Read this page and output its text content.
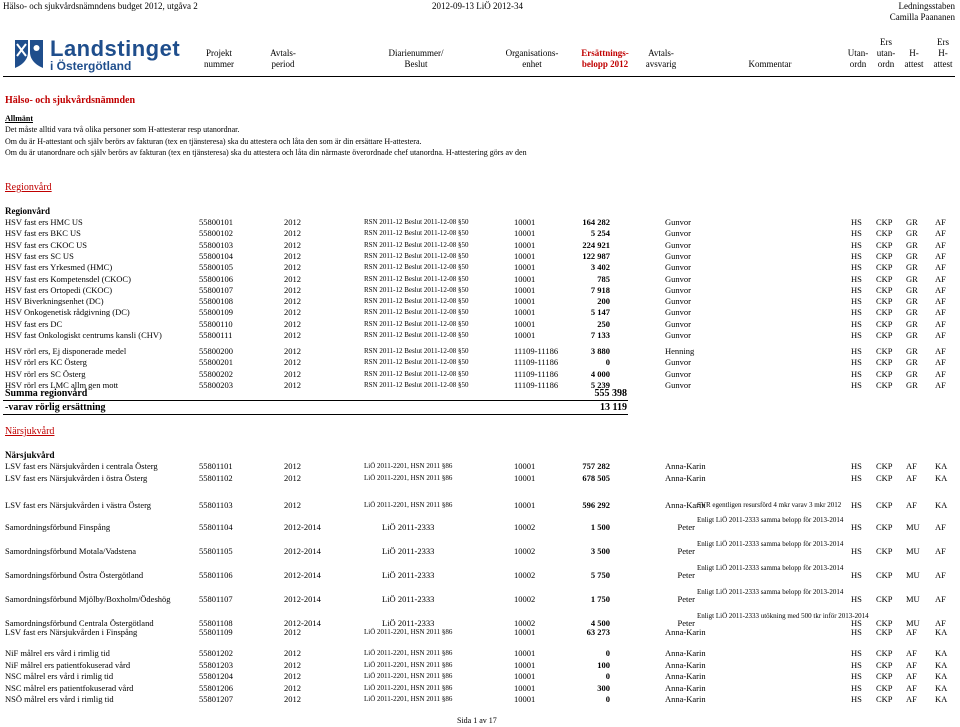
Hälso- och sjukvårdsnämndens budget 2012, utgåva 2	2012-09-13 LiÖ 2012-34	Ledningsstaben
Camilla Paananen
Landstinget
i Östergötland
Projekt
nummer
Avtals-
period
Diarienummer/
Beslut
Organisations-
enhet
Ersättnings-
belopp 2012
Avtals-
avsvarig	Kommentar
Utan-
ordn
Ers
utan-
ordn
H-
attest
Ers
H-
attest
Hälso- och sjukvårdsnämnden
Allmänt
Det måste alltid vara två olika personer som H-attesterar resp utanordnar.
Om du är H-attestant och själv berörs av fakturan (tex en tjänsteresa) ska du attestera och låta den som är din ersättare H-attestera.
Om du är utanordnare och själv berörs av fakturan (tex en tjänsteresa) ska du attestera och låta din närmaste överordnade chef utanordna. H-attestering görs av den
Regionvård
Regionvård
HSV fast ers HMC US	55800101	2012	RSN 2011-12 Beslut 2011-12-08 §50	10001	164 282	Gunvor	HS CKP GR AF
HSV fast ers BKC US	55800102	2012	RSN 2011-12 Beslut 2011-12-08 §50	10001	5 254	Gunvor	HS CKP GR AF
HSV fast ers CKOC US	55800103	2012	RSN 2011-12 Beslut 2011-12-08 §50	10001	224 921	Gunvor	HS CKP GR AF
HSV fast ers SC US	55800104	2012	RSN 2011-12 Beslut 2011-12-08 §50	10001	122 987	Gunvor	HS CKP GR AF
HSV fast ers Yrkesmed (HMC)	55800105	2012	RSN 2011-12 Beslut 2011-12-08 §50	10001	3 402	Gunvor	HS CKP GR AF
HSV fast ers Kompetensdel (CKOC)	55800106	2012	RSN 2011-12 Beslut 2011-12-08 §50	10001	785	Gunvor	HS CKP GR AF
HSV fast ers Ortopedi (CKOC)	55800107	2012	RSN 2011-12 Beslut 2011-12-08 §50	10001	7 918	Gunvor	HS CKP GR AF
HSV Biverkningsenhet (DC)	55800108	2012	RSN 2011-12 Beslut 2011-12-08 §50	10001	200	Gunvor	HS CKP GR AF
HSV Onkogenetisk rådgivning (DC)	55800109	2012	RSN 2011-12 Beslut 2011-12-08 §50	10001	5 147	Gunvor	HS CKP GR AF
HSV fast ers DC	55800110	2012	RSN 2011-12 Beslut 2011-12-08 §50	10001	250	Gunvor	HS CKP GR AF
HSV fast Onkologiskt centrums kansli (CHV)	55800111	2012	RSN 2011-12 Beslut 2011-12-08 §50	10001	7 133	Gunvor	HS CKP GR AF
HSV rörl ers, Ej disponerade medel	55800200	2012	RSN 2011-12 Beslut 2011-12-08 §50	11109-11186	3 880	Henning	HS CKP GR AF
HSV rörl ers KC Österg	55800201	2012	RSN 2011-12 Beslut 2011-12-08 §50	11109-11186	0	Gunvor	HS CKP GR AF
HSV rörl ers SC Österg	55800202	2012	RSN 2011-12 Beslut 2011-12-08 §50	11109-11186	4 000	Gunvor	HS CKP GR AF
HSV rörl ers LMC allm gen mott	55800203	2012	RSN 2011-12 Beslut 2011-12-08 §50	11109-11186	5 239	Gunvor	HS CKP GR AF
Summa regionvård	555 398
-varav rörlig ersättning	13 119
Närsjukvård
Närsjukvård
LSV fast ers Närsjukvården i centrala Österg	55801101	2012	LiÖ 2011-2201, HSN 2011 §86	10001	757 282	Anna-Karin	HS CKP AF KA
LSV fast ers Närsjukvården i östra Österg	55801102	2012	LiÖ 2011-2201, HSN 2011 §86	10001	678 505	Anna-Karin	HS CKP AF KA
LSV fast ers Närsjukvården i västra Österg	55801103	2012	LiÖ 2011-2201, HSN 2011 §86	10001	596 292	Anna-Karin	HS CKP AF KA
SVR egentligen resursförd 4 mkr varav 3 mkr 2012
Samordningsförbund Finspång	55801104	2012-2014	LiÖ 2011-2333	10002	1 500	Peter	HS CKP MU AF
Enligt LiÖ 2011-2333 samma belopp för 2013-2014
Samordningsförbund Motala/Vadstena	55801105	2012-2014	LiÖ 2011-2333	10002	3 500	Peter	HS CKP MU AF
Enligt LiÖ 2011-2333 samma belopp för 2013-2014
Samordningsförbund Östra Östergötland	55801106	2012-2014	LiÖ 2011-2333	10002	5 750	Peter	HS CKP MU AF
Enligt LiÖ 2011-2333 samma belopp för 2013-2014
Samordningsförbund Mjölby/Boxholm/Ödeshög	55801107	2012-2014	LiÖ 2011-2333	10002	1 750	Peter	HS CKP MU AF
Enligt LiÖ 2011-2333 samma belopp för 2013-2014
Samordningsförbund Centrala Östergötland	55801108	2012-2014	LiÖ 2011-2333	10002	4 500	Peter	HS CKP MU AF
Enligt LiÖ 2011-2333 utökning med 500 tkr inför 2013-2014
LSV fast ers Närsjukvården i Finspång	55801109	2012	LiÖ 2011-2201, HSN 2011 §86	10001	63 273	Anna-Karin	HS CKP AF KA
NiF målrel ers vård i rimlig tid	55801202	2012	LiÖ 2011-2201, HSN 2011 §86	10001	0	Anna-Karin	HS CKP AF KA
NiF målrel ers patientfokuserad vård	55801203	2012	LiÖ 2011-2201, HSN 2011 §86	10001	100	Anna-Karin	HS CKP AF KA
NSC målrel ers vård i rimlig tid	55801204	2012	LiÖ 2011-2201, HSN 2011 §86	10001	0	Anna-Karin	HS CKP AF KA
NSC målrel ers patientfokuserad vård	55801206	2012	LiÖ 2011-2201, HSN 2011 §86	10001	300	Anna-Karin	HS CKP AF KA
NSÖ målrel ers vård i rimlig tid	55801207	2012	LiÖ 2011-2201, HSN 2011 §86	10001	0	Anna-Karin	HS CKP AF KA
Sida 1 av 17
